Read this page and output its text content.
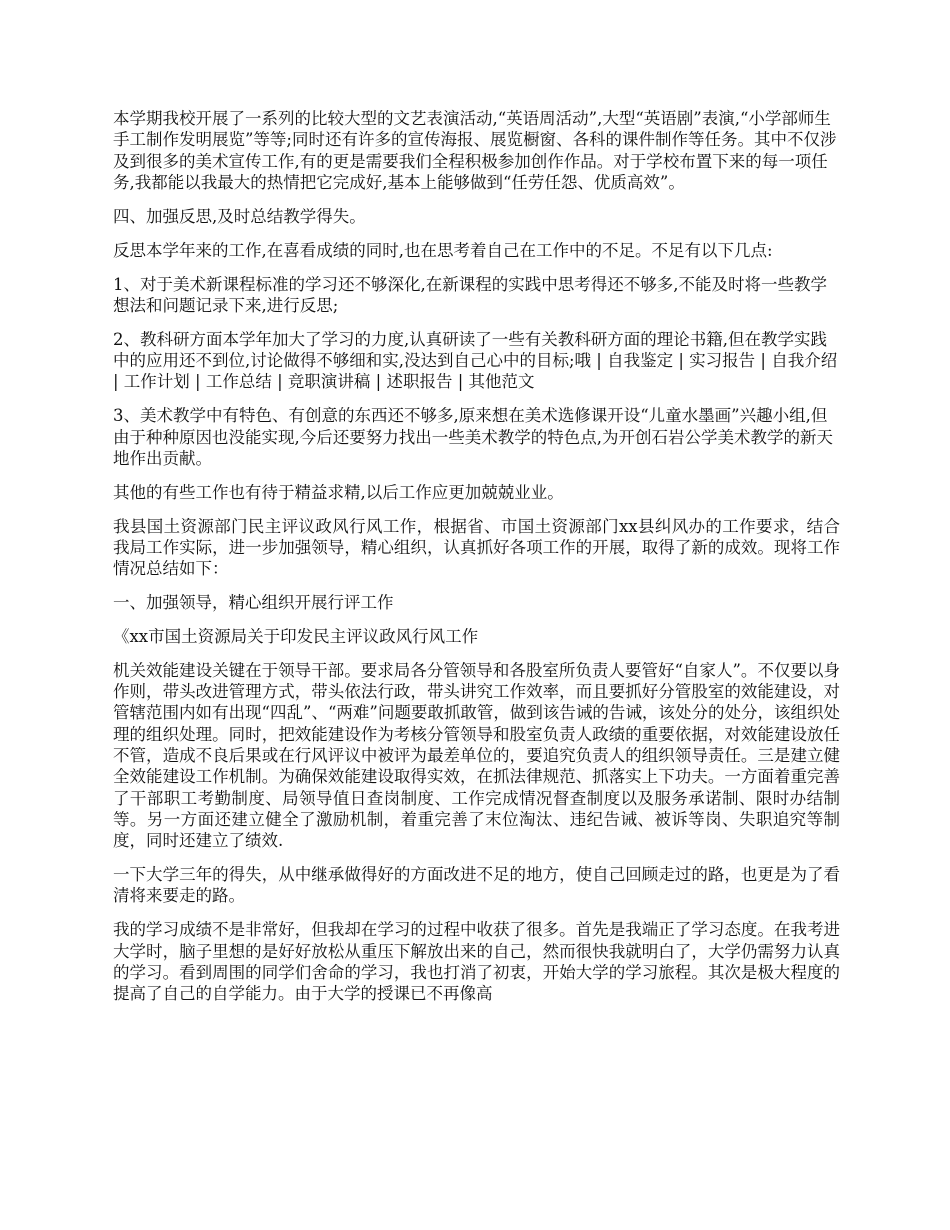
本学期我校开展了一系列的比较大型的文艺表演活动,“英语周活动”,大型“英语剧”表演,“小学部师生手工制作发明展览”等等;同时还有许多的宣传海报、展览橱窗、各科的课件制作等任务。其中不仅涉及到很多的美术宣传工作,有的更是需要我们全程积极参加创作作品。对于学校布置下来的每一项任务,我都能以我最大的热情把它完成好,基本上能够做到“任劳任怨、优质高效”。

四、加强反思,及时总结教学得失。

反思本学年来的工作,在喜看成绩的同时,也在思考着自己在工作中的不足。不足有以下几点:

1、对于美术新课程标准的学习还不够深化,在新课程的实践中思考得还不够多,不能及时将一些教学想法和问题记录下来,进行反思;

2、教科研方面本学年加大了学习的力度,认真研读了一些有关教科研方面的理论书籍,但在教学实践中的应用还不到位,讨论做得不够细和实,没达到自己心中的目标;哦 | 自我鉴定 | 实习报告 | 自我介绍 | 工作计划 | 工作总结 | 竞职演讲稿 | 述职报告 | 其他范文

3、美术教学中有特色、有创意的东西还不够多,原来想在美术选修课开设“儿童水墨画”兴趣小组,但由于种种原因也没能实现,今后还要努力找出一些美术教学的特色点,为开创石岩公学美术教学的新天地作出贡献。

其他的有些工作也有待于精益求精,以后工作应更加兢兢业业。

我县国土资源部门民主评议政风行风工作，根据省、市国土资源部门xx县纠风办的工作要求，结合我局工作实际，进一步加强领导，精心组织，认真抓好各项工作的开展，取得了新的成效。现将工作情况总结如下：

一、加强领导，精心组织开展行评工作

《xx市国土资源局关于印发民主评议政风行风工作

机关效能建设关键在于领导干部。要求局各分管领导和各股室所负责人要管好“自家人”。不仅要以身作则，带头改进管理方式，带头依法行政，带头讲究工作效率，而且要抓好分管股室的效能建设，对管辖范围内如有出现“四乱”、“两难”问题要敢抓敢管，做到该告诫的告诫，该处分的处分，该组织处理的组织处理。同时，把效能建设作为考核分管领导和股室负责人政绩的重要依据，对效能建设放任不管，造成不良后果或在行风评议中被评为最差单位的，要追究负责人的组织领导责任。三是建立健全效能建设工作机制。为确保效能建设取得实效，在抓法律规范、抓落实上下功夫。一方面着重完善了干部职工考勤制度、局领导值日查岗制度、工作完成情况督查制度以及服务承诺制、限时办结制等。另一方面还建立健全了激励机制，着重完善了末位淘汰、违纪告诫、被诉等岗、失职追究等制度，同时还建立了绩效.

一下大学三年的得失，从中继承做得好的方面改进不足的地方，使自己回顾走过的路，也更是为了看清将来要走的路。

我的学习成绩不是非常好，但我却在学习的过程中收获了很多。首先是我端正了学习态度。在我考进大学时，脑子里想的是好好放松从重压下解放出来的自己，然而很快我就明白了，大学仍需努力认真的学习。看到周围的同学们舍命的学习，我也打消了初衷，开始大学的学习旅程。其次是极大程度的提高了自己的自学能力。由于大学的授课已不再像高
